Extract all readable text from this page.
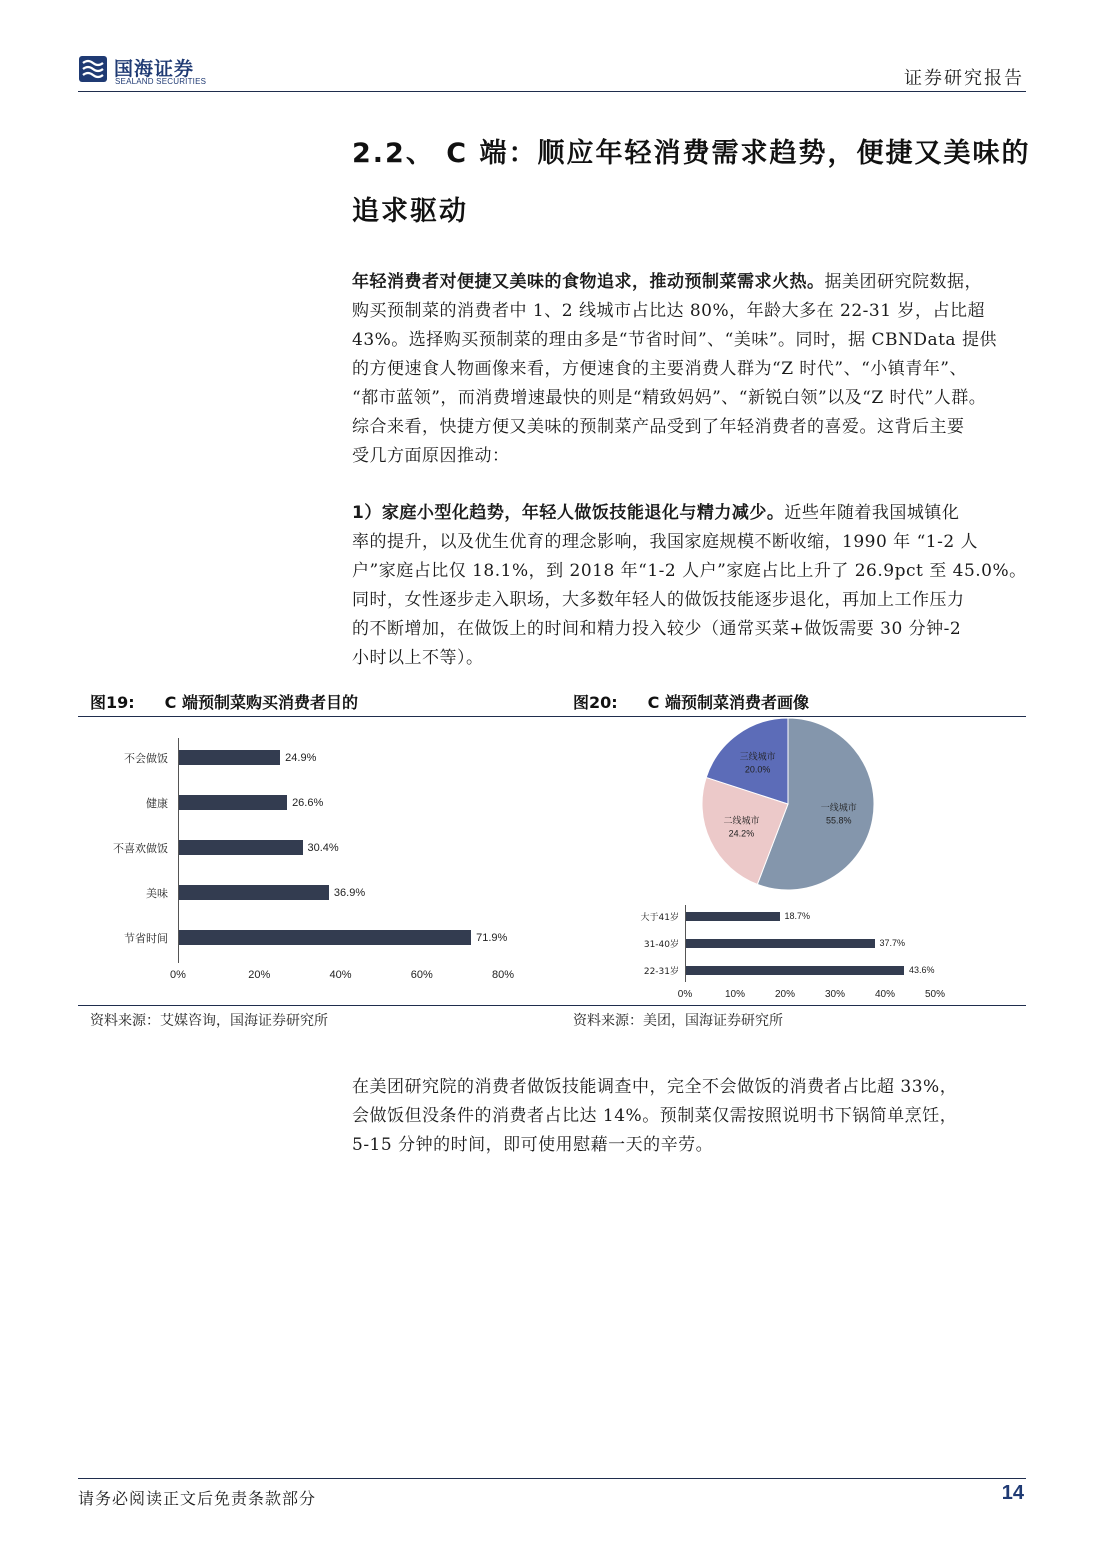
国海证券
SEALAND SECURITIES	证券研究报告
2.2、 C 端：顺应年轻消费需求趋势，便捷又美味的
追求驱动
年轻消费者对便捷又美味的食物追求，推动预制菜需求火热。据美团研究院数据，
购买预制菜的消费者中 1、2 线城市占比达 80%，年龄大多在 22-31 岁，占比超
43%。选择购买预制菜的理由多是“节省时间”、“美味”。同时，据 CBNData 提供
的方便速食人物画像来看，方便速食的主要消费人群为“Z 时代”、“小镇青年”、
“都市蓝领”，而消费增速最快的则是“精致妈妈”、“新锐白领”以及“Z 时代”人群。
综合来看，快捷方便又美味的预制菜产品受到了年轻消费者的喜爱。这背后主要
受几方面原因推动：
1）家庭小型化趋势，年轻人做饭技能退化与精力减少。近些年随着我国城镇化
率的提升，以及优生优育的理念影响，我国家庭规模不断收缩，1990 年 “1-2 人
户”家庭占比仅 18.1%，到 2018 年“1-2 人户”家庭占比上升了 26.9pct 至 45.0%。
同时，女性逐步走入职场，大多数年轻人的做饭技能逐步退化，再加上工作压力
的不断增加，在做饭上的时间和精力投入较少（通常买菜+做饭需要 30 分钟-2
小时以上不等）。
图19: C 端预制菜购买消费者目的	图20: C 端预制菜消费者画像
不会做饭	24.9%
健康	26.6%
不喜欢做饭	30.4%
美味	36.9%
节省时间	71.9%
0%	20%	40%	60%	80%
一线城市
55.8%
二线城市
24.2%
三线城市
20.0%
大于41岁	18.7%
31-40岁	37.7%
22-31岁	43.6%
0%	10%	20%	30%	40%	50%
资料来源：艾媒咨询，国海证券研究所	资料来源：美团，国海证券研究所
在美团研究院的消费者做饭技能调查中，完全不会做饭的消费者占比超 33%，
会做饭但没条件的消费者占比达 14%。预制菜仅需按照说明书下锅简单烹饪，
5-15 分钟的时间，即可使用慰藉一天的辛劳。
请务必阅读正文后免责条款部分	14
